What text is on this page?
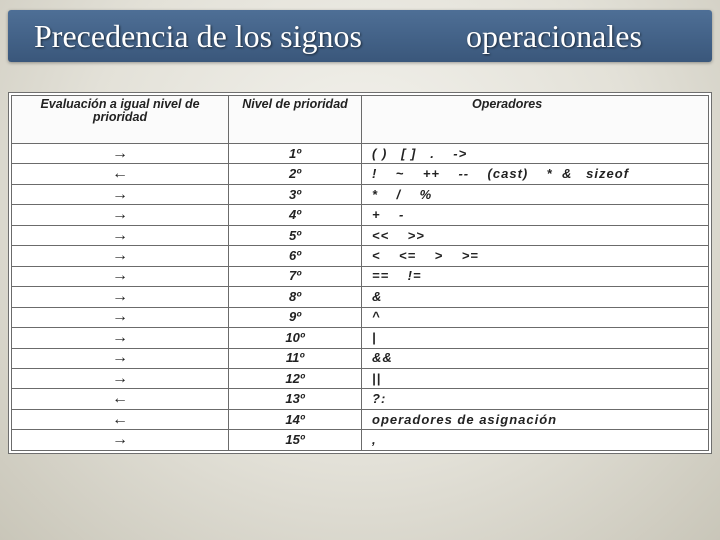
Precedencia de los signos	operacionales
Evaluación a igual nivel de prioridad	Nivel de prioridad	Operadores
→	1º	( )   [ ]   .    ->
←	2º	!    ~    ++    --    (cast)    *  &   sizeof
→	3º	*    /    %
→	4º	+    -
→	5º	<<    >>
→	6º	<    <=    >    >=
→	7º	==    !=
→	8º	&
→	9º	^
→	10º	|
→	11º	&&
→	12º	||
←	13º	?:
←	14º	operadores de asignación
→	15º	,
